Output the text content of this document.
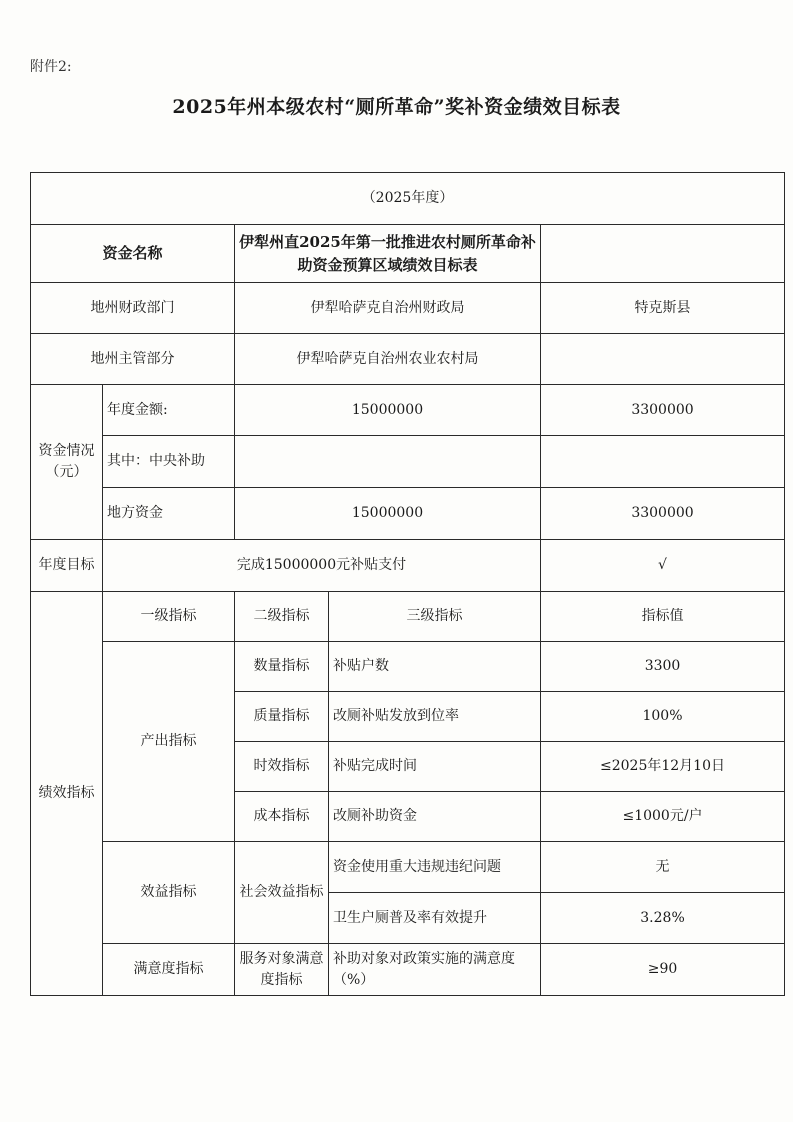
附件2:
2025年州本级农村“厕所革命”奖补资金绩效目标表
（2025年度）				
资金名称		伊犁州直2025年第一批推进农村厕所革命补助资金预算区域绩效目标表		
地州财政部门		伊犁哈萨克自治州财政局		特克斯县
地州主管部分		伊犁哈萨克自治州农业农村局		
资金情况（元）	年度金额:	15000000		3300000
	其中：中央补助			
	地方资金	15000000		3300000
年度目标	完成15000000元补贴支付			√
绩效指标	一级指标	二级指标	三级指标	指标值
	产出指标	数量指标	补贴户数	3300
		质量指标	改厕补贴发放到位率	100%
		时效指标	补贴完成时间	≤2025年12月10日
		成本指标	改厕补助资金	≤1000元/户
	效益指标	社会效益指标	资金使用重大违规违纪问题	无
			卫生户厕普及率有效提升	3.28%
	满意度指标	服务对象满意度指标	补助对象对政策实施的满意度（%）	≥90
